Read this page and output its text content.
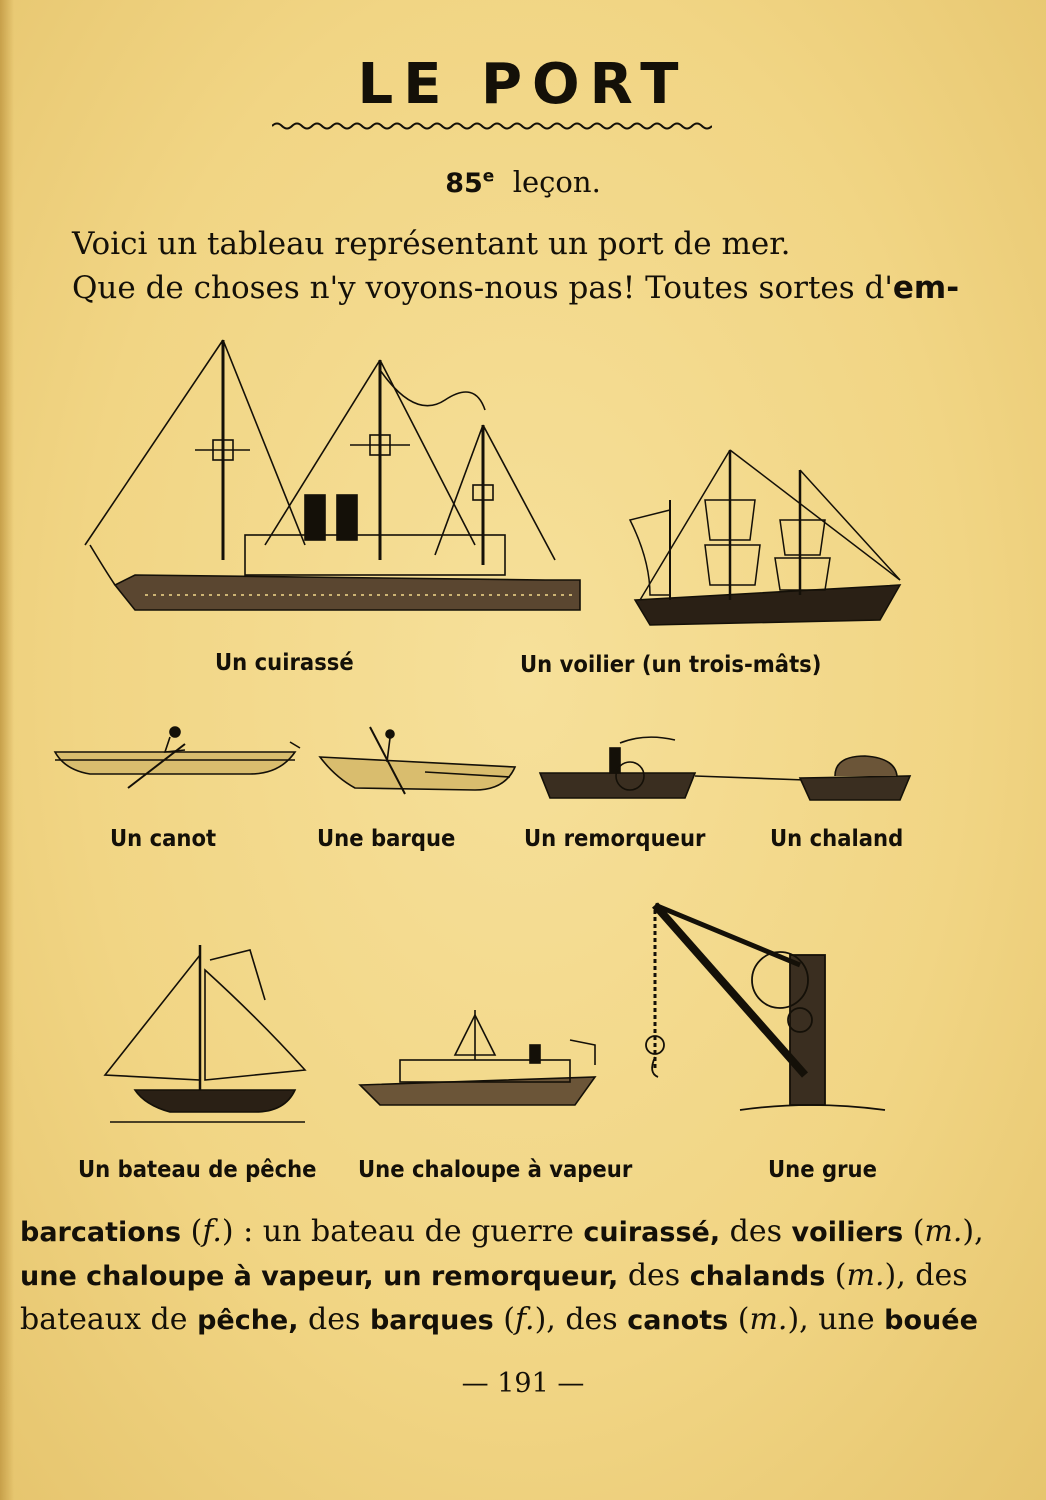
LE PORT
85e leçon.
Voici un tableau représentant un port de mer.
Que de choses n'y voyons-nous pas! Toutes sortes d'em-
Un cuirassé	Un voilier (un trois-mâts)
Un canot	Une barque	Un remorqueur	Un chaland
Un bateau de pêche Une chaloupe à vapeur	Une grue
barcations (f.) : un bateau de guerre cuirassé, des voiliers (m.),
une chaloupe à vapeur, un remorqueur, des chalands (m.), des
bateaux de pêche, des barques (f.), des canots (m.), une bouée
— 191 —
